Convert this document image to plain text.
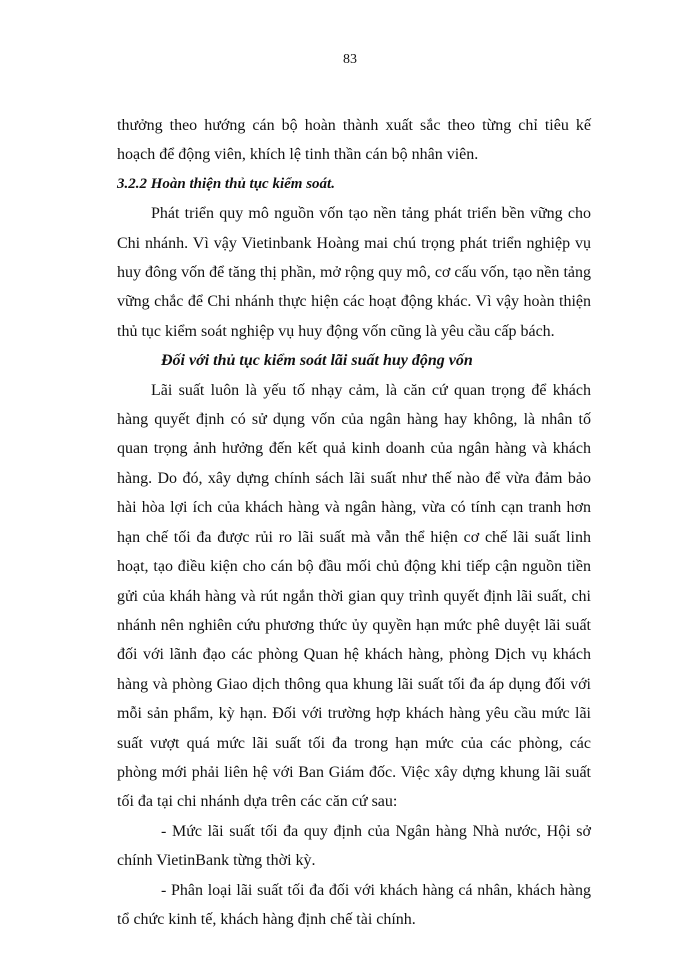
83

thưởng theo hướng cán bộ hoàn thành xuất sắc theo từng chỉ tiêu kế hoạch để động viên, khích lệ tinh thần cán bộ nhân viên.

3.2.2 Hoàn thiện thủ tục kiểm soát.

Phát triển quy mô nguồn vốn tạo nền tảng phát triển bền vững cho Chi nhánh. Vì vậy Vietinbank Hoàng mai chú trọng phát triển nghiệp vụ huy đông vốn để tăng thị phần, mở rộng quy mô, cơ cấu vốn, tạo nền tảng vững chắc để Chi nhánh thực hiện các hoạt động khác. Vì vậy hoàn thiện thủ tục kiểm soát nghiệp vụ huy động vốn cũng là yêu cầu cấp bách.

Đối với thủ tục kiểm soát lãi suất huy động vốn

Lãi suất luôn là yếu tố nhạy cảm, là căn cứ quan trọng để khách hàng quyết định có sử dụng vốn của ngân hàng hay không, là nhân tố quan trọng ảnh hưởng đến kết quả kinh doanh của ngân hàng và khách hàng. Do đó, xây dựng chính sách lãi suất như thế nào để vừa đảm bảo hài hòa lợi ích của khách hàng và ngân hàng, vừa có tính cạn tranh hơn hạn chế tối đa được rủi ro lãi suất mà vẫn thể hiện cơ chế lãi suất linh hoạt, tạo điều kiện cho cán bộ đầu mối chủ động khi tiếp cận nguồn tiền gửi của kháh hàng và rút ngắn thời gian quy trình quyết định lãi suất, chi nhánh nên nghiên cứu phương thức ủy quyền hạn mức phê duyệt lãi suất đối với lãnh đạo các phòng Quan hệ khách hàng, phòng Dịch vụ khách hàng và phòng Giao dịch thông qua khung lãi suất tối đa áp dụng đối với mỗi sản phẩm, kỳ hạn. Đối với trường hợp khách hàng yêu cầu mức lãi suất vượt quá mức lãi suất tối đa trong hạn mức của các phòng, các phòng mới phải liên hệ với Ban Giám đốc. Việc xây dựng khung lãi suất tối đa tại chi nhánh dựa trên các căn cứ sau:

- Mức lãi suất tối đa quy định của Ngân hàng Nhà nước, Hội sở chính VietinBank từng thời kỳ.

- Phân loại lãi suất tối đa đối với khách hàng cá nhân, khách hàng tổ chức kinh tế, khách hàng định chế tài chính.
